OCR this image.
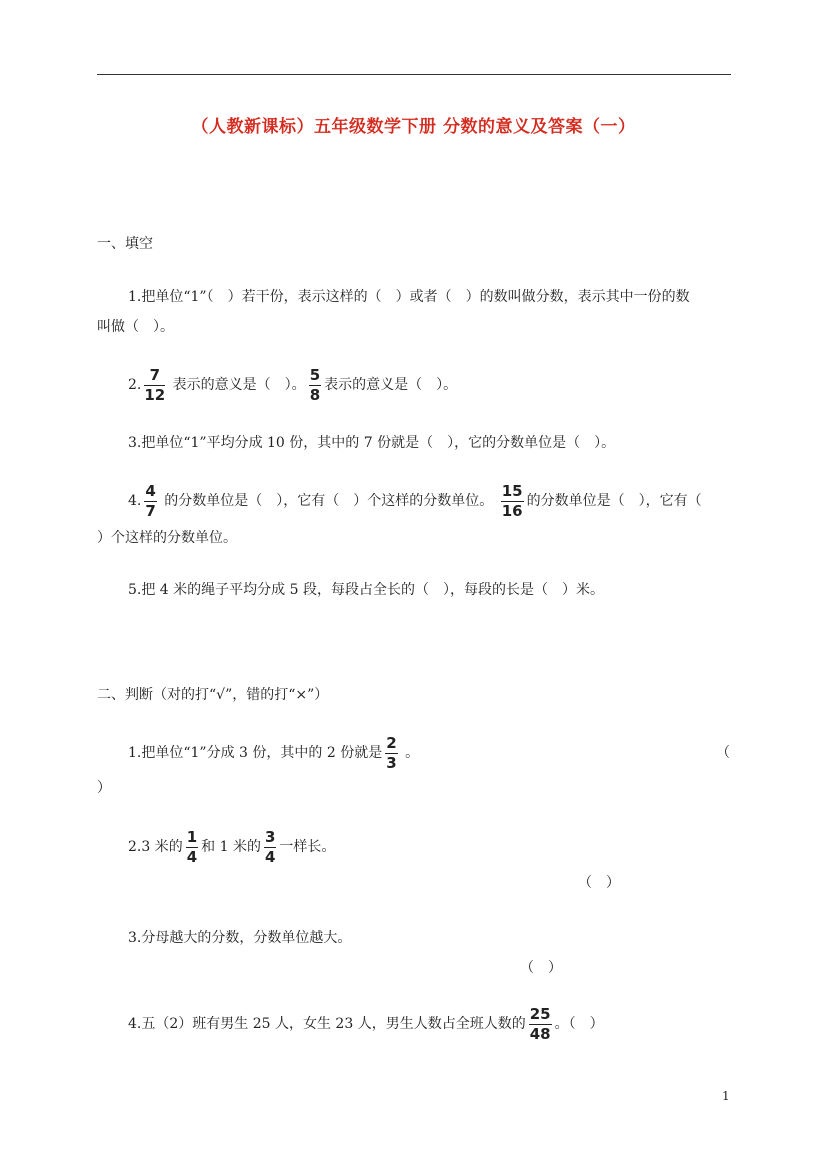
（人教新课标）五年级数学下册 分数的意义及答案（一）
一、填空
1.把单位“1”（　）若干份，表示这样的（　）或者（　）的数叫做分数，表示其中一份的数
叫做（　）。
2. $\frac{7}{12}$ 表示的意义是（　）。 $\frac{5}{8}$ 表示的意义是（　）。
3.把单位“1”平均分成 10 份，其中的 7 份就是（　），它的分数单位是（　）。
4. $\frac{4}{7}$ 的分数单位是（　），它有（　）个这样的分数单位。 $\frac{15}{16}$ 的分数单位是（　），它有（
）个这样的分数单位。
5.把 4 米的绳子平均分成 5 段，每段占全长的（　），每段的长是（　）米。
二、判断（对的打“√”，错的打“×”）
1.把单位“1”分成 3 份，其中的 2 份就是 $\frac{2}{3}$ 。	（
）
2.3 米的 $\frac{1}{4}$ 和 1 米的 $\frac{3}{4}$ 一样长。
（　）
3.分母越大的分数，分数单位越大。
（　）
4.五（2）班有男生 25 人，女生 23 人，男生人数占全班人数的 $\frac{25}{48}$ 。（　）
1
